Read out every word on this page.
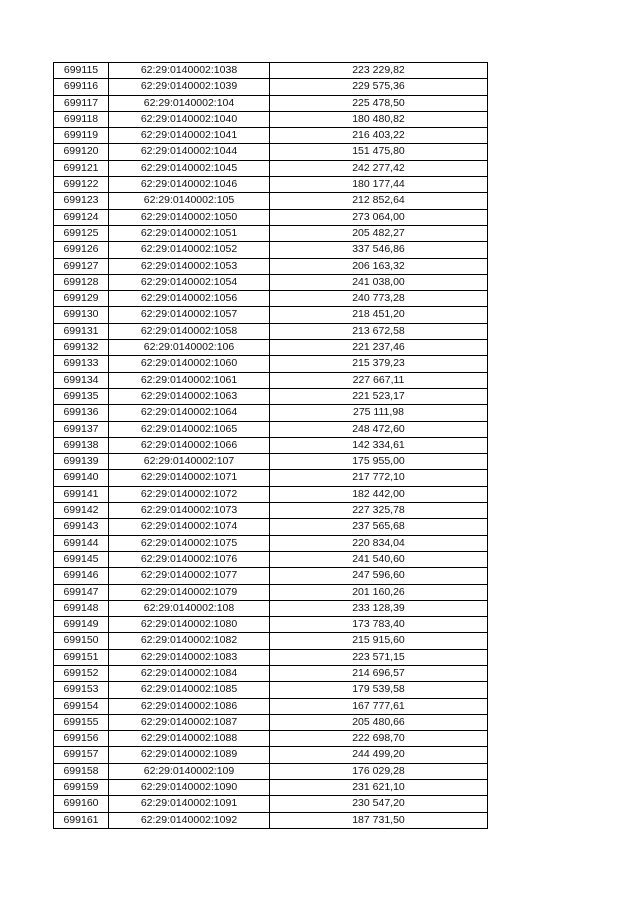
699115	62:29:0140002:1038	223 229,82
699116	62:29:0140002:1039	229 575,36
699117	62:29:0140002:104	225 478,50
699118	62:29:0140002:1040	180 480,82
699119	62:29:0140002:1041	216 403,22
699120	62:29:0140002:1044	151 475,80
699121	62:29:0140002:1045	242 277,42
699122	62:29:0140002:1046	180 177,44
699123	62:29:0140002:105	212 852,64
699124	62:29:0140002:1050	273 064,00
699125	62:29:0140002:1051	205 482,27
699126	62:29:0140002:1052	337 546,86
699127	62:29:0140002:1053	206 163,32
699128	62:29:0140002:1054	241 038,00
699129	62:29:0140002:1056	240 773,28
699130	62:29:0140002:1057	218 451,20
699131	62:29:0140002:1058	213 672,58
699132	62:29:0140002:106	221 237,46
699133	62:29:0140002:1060	215 379,23
699134	62:29:0140002:1061	227 667,11
699135	62:29:0140002:1063	221 523,17
699136	62:29:0140002:1064	275 111,98
699137	62:29:0140002:1065	248 472,60
699138	62:29:0140002:1066	142 334,61
699139	62:29:0140002:107	175 955,00
699140	62:29:0140002:1071	217 772,10
699141	62:29:0140002:1072	182 442,00
699142	62:29:0140002:1073	227 325,78
699143	62:29:0140002:1074	237 565,68
699144	62:29:0140002:1075	220 834,04
699145	62:29:0140002:1076	241 540,60
699146	62:29:0140002:1077	247 596,60
699147	62:29:0140002:1079	201 160,26
699148	62:29:0140002:108	233 128,39
699149	62:29:0140002:1080	173 783,40
699150	62:29:0140002:1082	215 915,60
699151	62:29:0140002:1083	223 571,15
699152	62:29:0140002:1084	214 696,57
699153	62:29:0140002:1085	179 539,58
699154	62:29:0140002:1086	167 777,61
699155	62:29:0140002:1087	205 480,66
699156	62:29:0140002:1088	222 698,70
699157	62:29:0140002:1089	244 499,20
699158	62:29:0140002:109	176 029,28
699159	62:29:0140002:1090	231 621,10
699160	62:29:0140002:1091	230 547,20
699161	62:29:0140002:1092	187 731,50
